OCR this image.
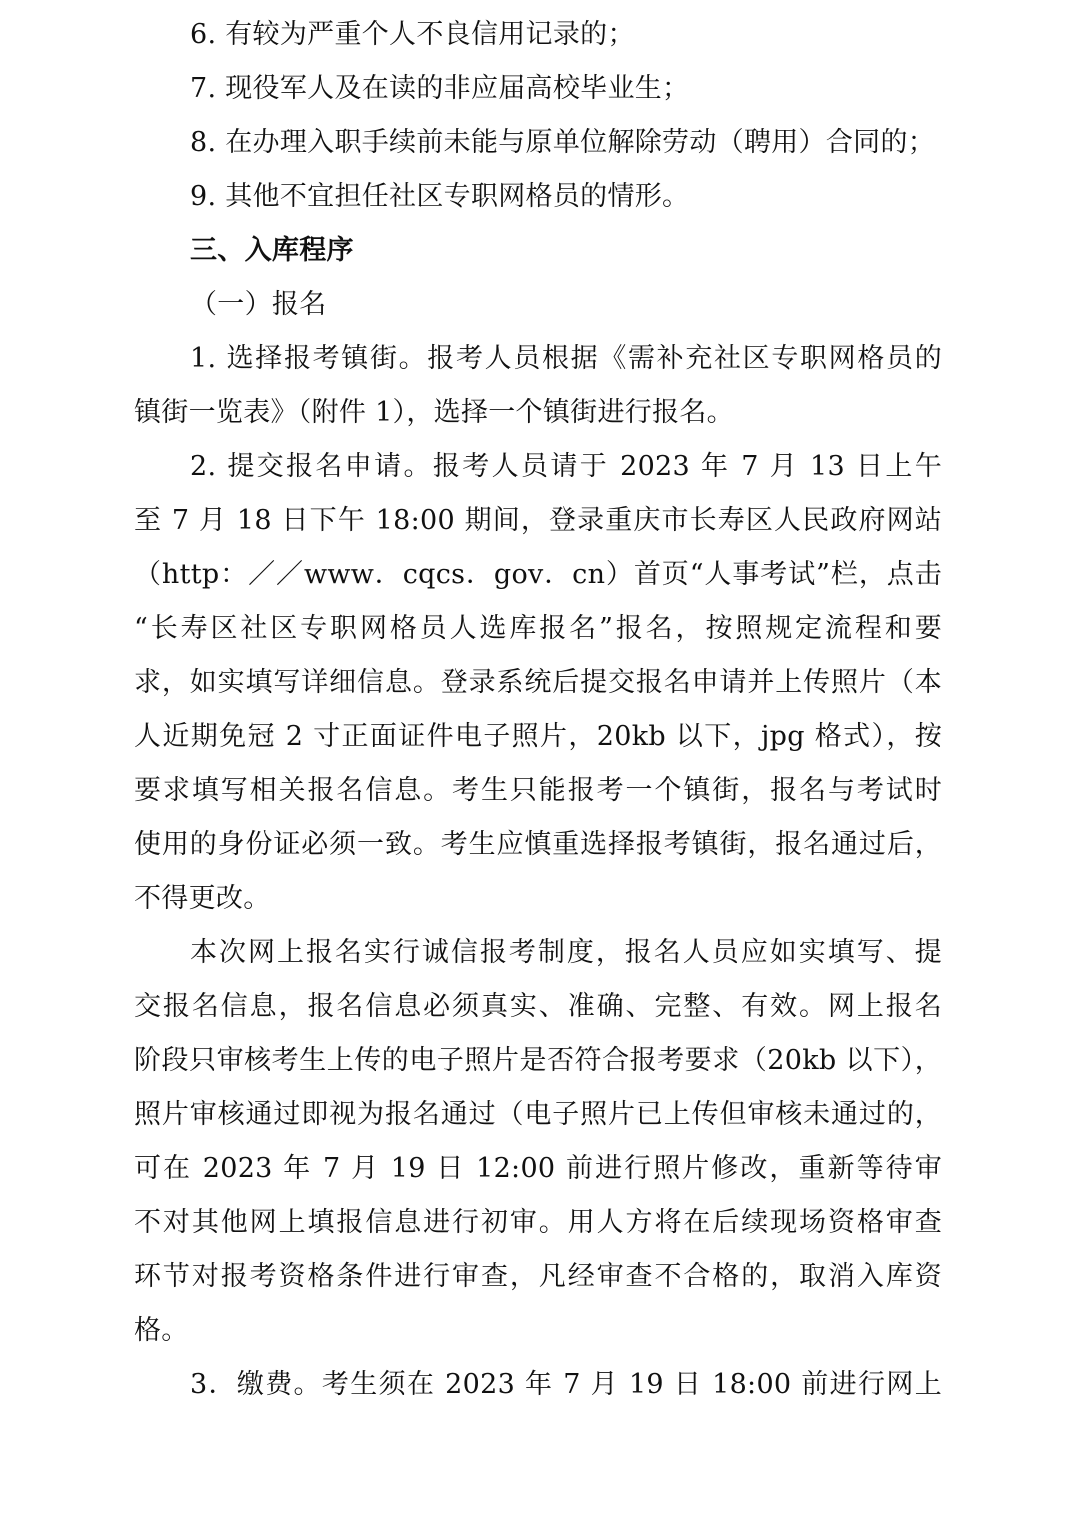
6. 有较为严重个人不良信用记录的；
7. 现役军人及在读的非应届高校毕业生；
8. 在办理入职手续前未能与原单位解除劳动（聘用）合同的；
9. 其他不宜担任社区专职网格员的情形。
三、入库程序
（一）报名
1. 选择报考镇街。报考人员根据《需补充社区专职网格员的
镇街一览表》（附件 1），选择一个镇街进行报名。
2. 提交报名申请。报考人员请于 2023 年 7 月 13 日上午
至 7 月 18 日下午 18:00 期间，登录重庆市长寿区人民政府网站
（http：／／www．cqcs．gov．cn）首页“人事考试”栏，点击
“长寿区社区专职网格员人选库报名”报名，按照规定流程和要
求，如实填写详细信息。登录系统后提交报名申请并上传照片（本
人近期免冠 2 寸正面证件电子照片，20kb 以下，jpg 格式），按
要求填写相关报名信息。考生只能报考一个镇街，报名与考试时
使用的身份证必须一致。考生应慎重选择报考镇街，报名通过后，
不得更改。
本次网上报名实行诚信报考制度，报名人员应如实填写、提
交报名信息，报名信息必须真实、准确、完整、有效。网上报名
阶段只审核考生上传的电子照片是否符合报考要求（20kb 以下），
照片审核通过即视为报名通过（电子照片已上传但审核未通过的，
可在 2023 年 7 月 19 日 12:00 前进行照片修改，重新等待审
不对其他网上填报信息进行初审。用人方将在后续现场资格审查
环节对报考资格条件进行审查，凡经审查不合格的，取消入库资
格。
3．缴费。考生须在 2023 年 7 月 19 日 18:00 前进行网上
